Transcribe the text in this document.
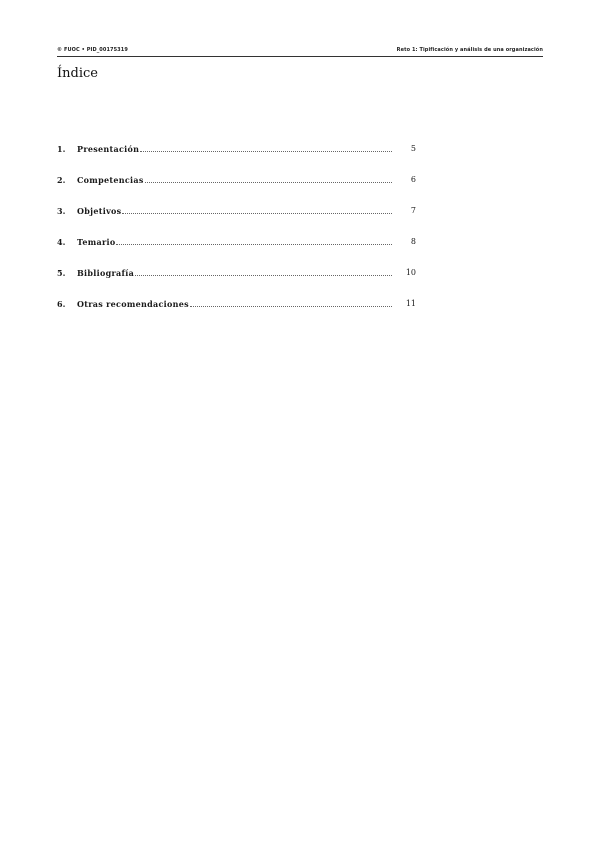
© FUOC • PID_00175319	Reto 1: Tipificación y análisis de una organización
Índice
1.	Presentación	5
2.	Competencias	6
3.	Objetivos	7
4.	Temario	8
5.	Bibliografía	10
6.	Otras recomendaciones	11
